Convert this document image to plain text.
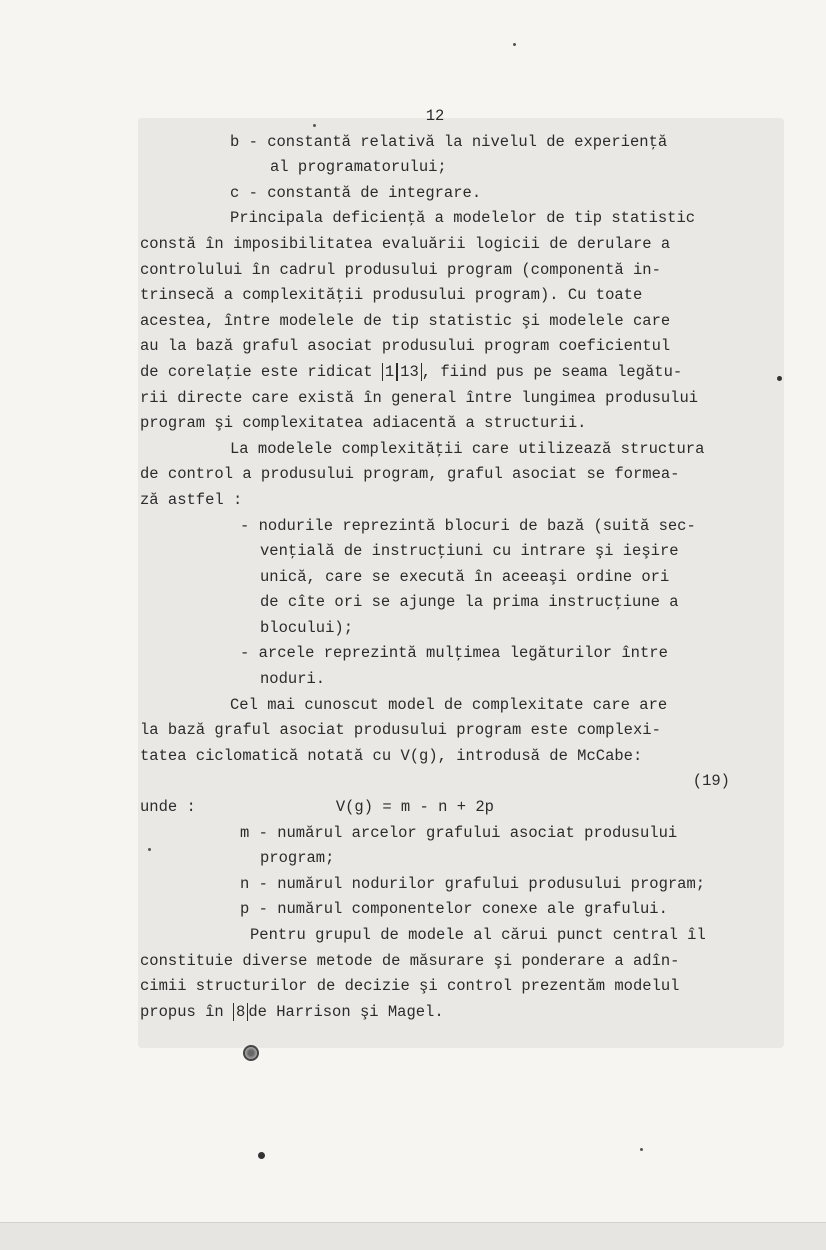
12
b - constantă relativă la nivelul de experienţă
al programatorului;
c - constantă de integrare.
Principala deficienţă a modelelor de tip statistic
constă în imposibilitatea evaluării logicii de derulare a
controlului în cadrul produsului program (componentă in-
trinsecă a complexităţii produsului program). Cu toate
acestea, între modelele de tip statistic şi modelele care
au la bază graful asociat produsului program coeficientul
de corelaţie este ridicat 1 13 , fiind pus pe seama legătu-
rii directe care există în general între lungimea produsului
program şi complexitatea adiacentă a structurii.
La modelele complexităţii care utilizează structura
de control a produsului program, graful asociat se formea-
ză astfel :
- nodurile reprezintă blocuri de bază (suită sec-
venţială de instrucţiuni cu intrare şi ieşire
unică, care se execută în aceeaşi ordine ori
de cîte ori se ajunge la prima instrucţiune a
blocului);
- arcele reprezintă mulţimea legăturilor între
noduri.
Cel mai cunoscut model de complexitate care are
la bază graful asociat produsului program este complexi-
tatea ciclomatică notată cu V(g), introdusă de McCabe:

V(g) = m - n + 2p

(19)

unde :
m - numărul arcelor grafului asociat produsului
program;
n - numărul nodurilor grafului produsului program;
p - numărul componentelor conexe ale grafului.
Pentru grupul de modele al cărui punct central îl
constituie diverse metode de măsurare şi ponderare a adîn-
cimii structurilor de decizie şi control prezentăm modelul
propus în 8 de Harrison şi Magel.
